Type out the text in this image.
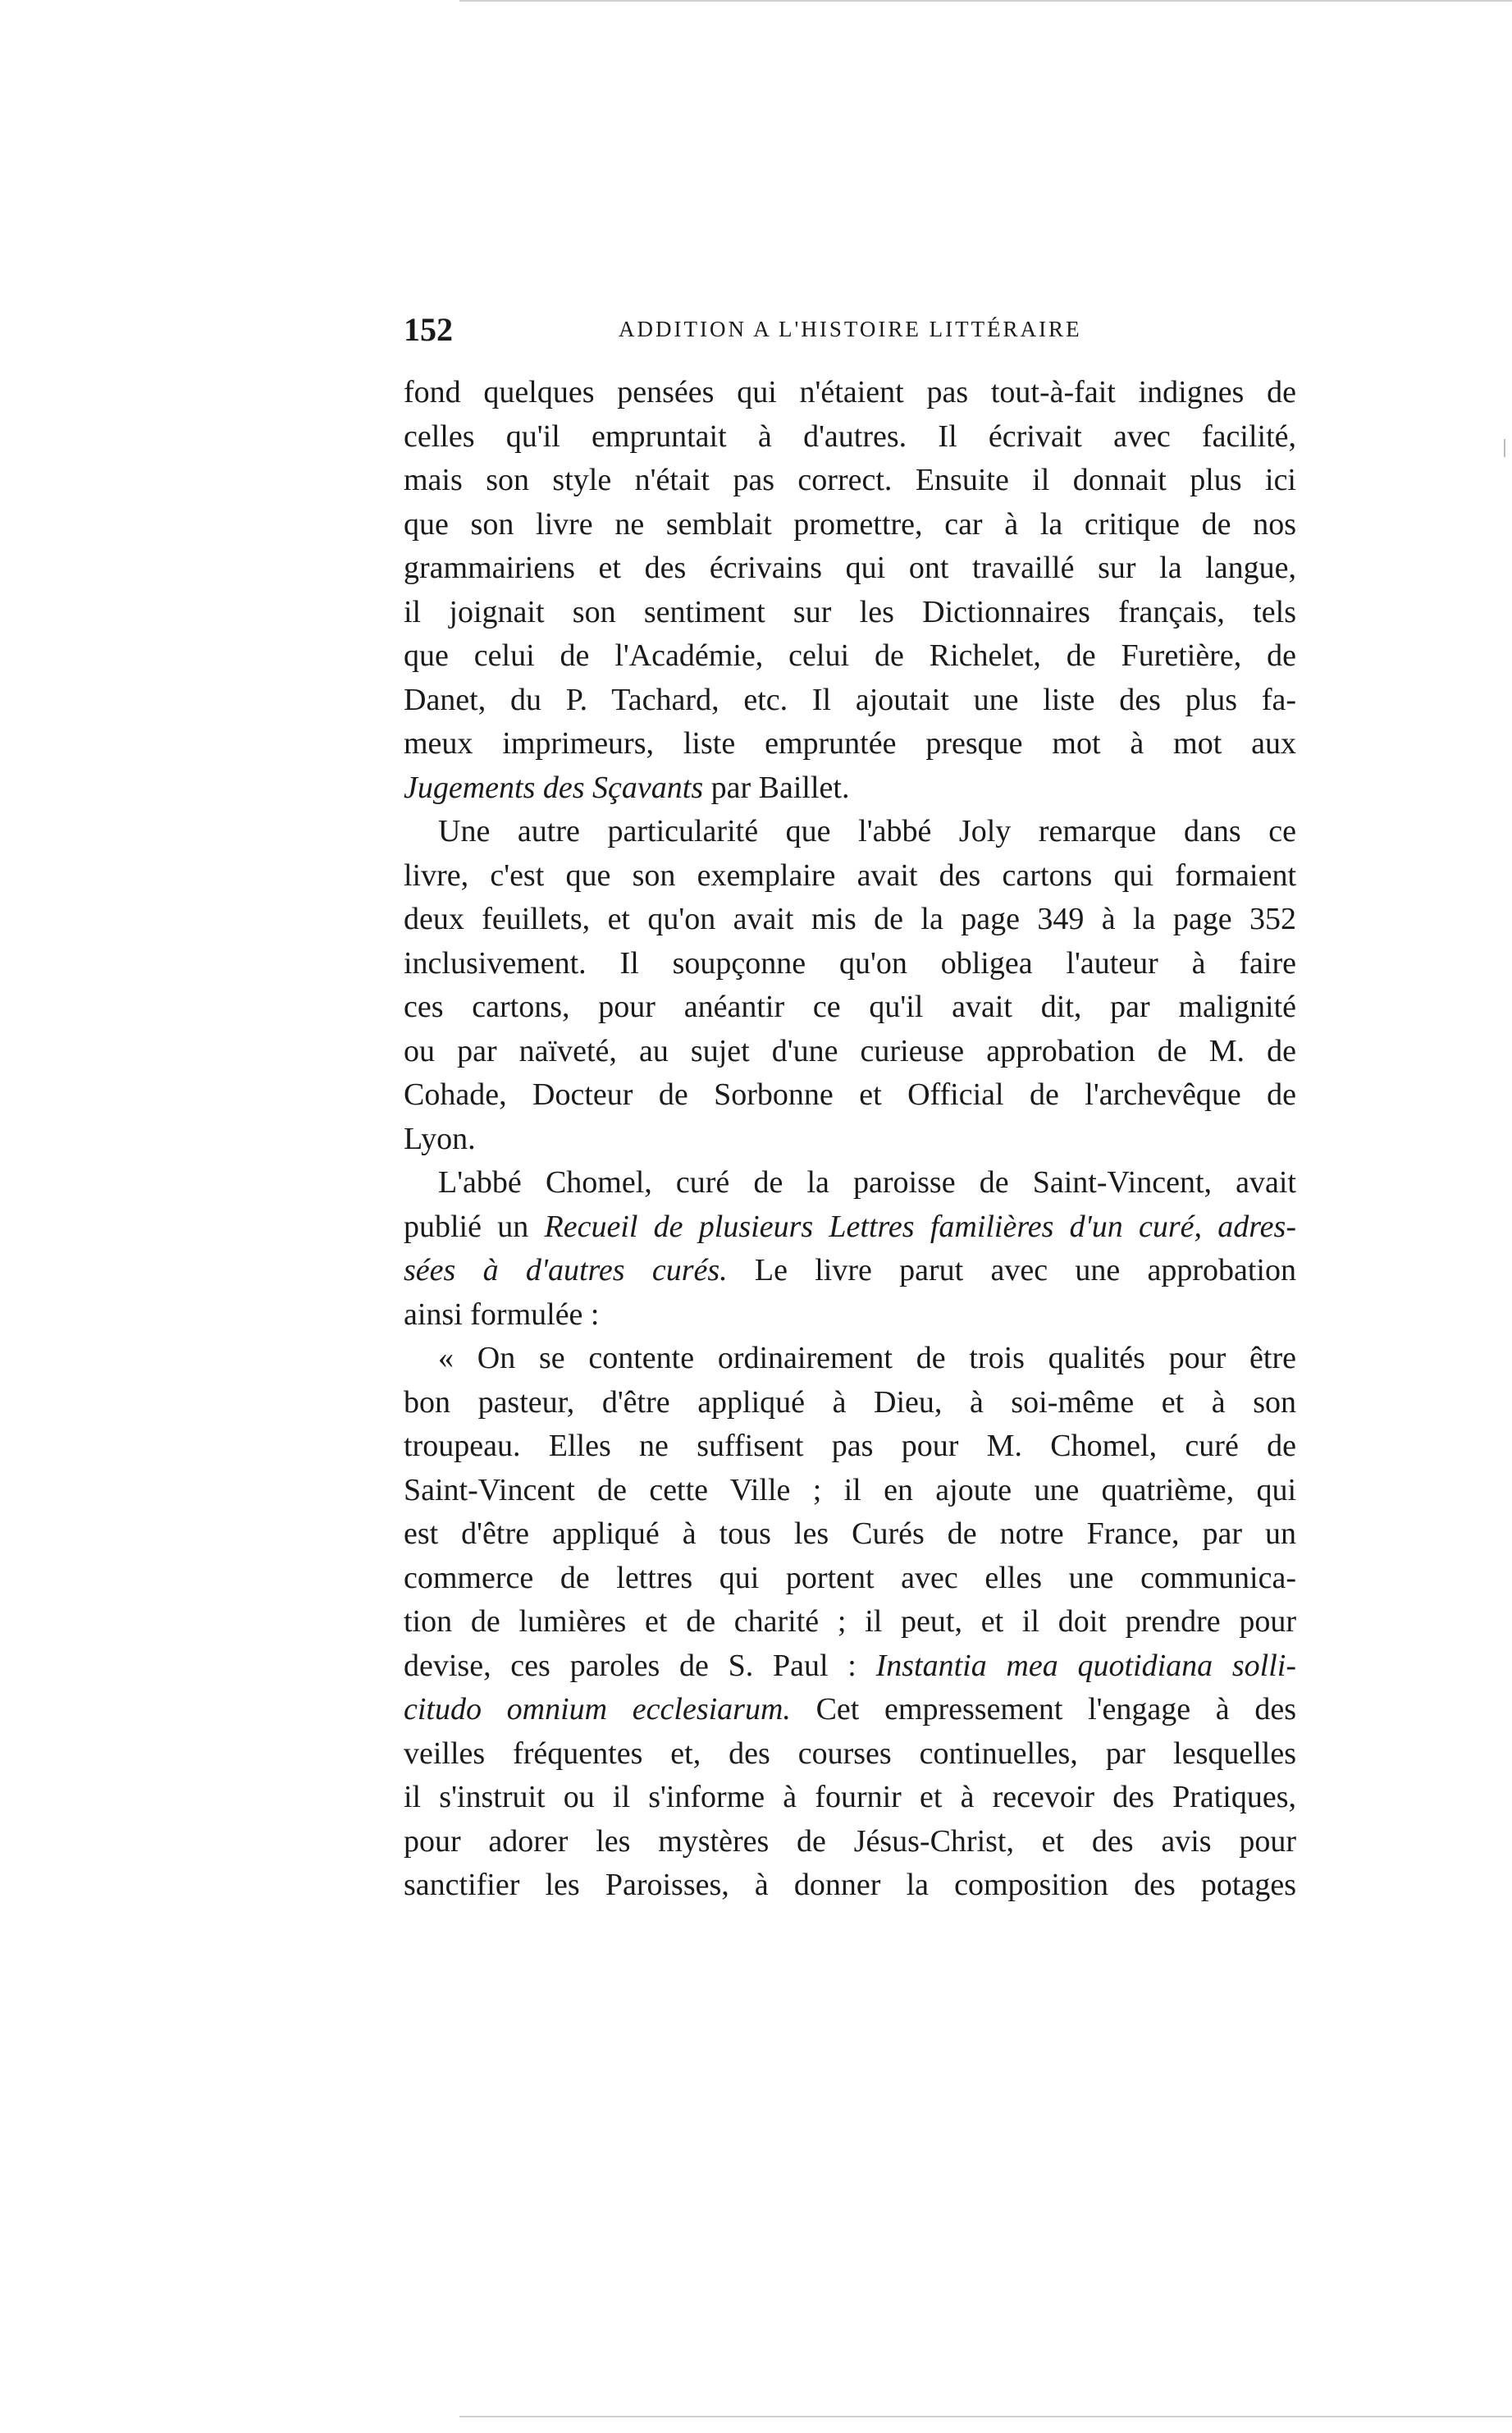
152	ADDITION A L'HISTOIRE LITTÉRAIRE
fond quelques pensées qui n'étaient pas tout-à-fait indignes de
celles qu'il empruntait à d'autres. Il écrivait avec facilité,
mais son style n'était pas correct. Ensuite il donnait plus ici
que son livre ne semblait promettre, car à la critique de nos
grammairiens et des écrivains qui ont travaillé sur la langue,
il joignait son sentiment sur les Dictionnaires français, tels
que celui de l'Académie, celui de Richelet, de Furetière, de
Danet, du P. Tachard, etc. Il ajoutait une liste des plus fa-
meux imprimeurs, liste empruntée presque mot à mot aux
Jugements des Sçavants par Baillet.
Une autre particularité que l'abbé Joly remarque dans ce
livre, c'est que son exemplaire avait des cartons qui formaient
deux feuillets, et qu'on avait mis de la page 349 à la page 352
inclusivement. Il soupçonne qu'on obligea l'auteur à faire
ces cartons, pour anéantir ce qu'il avait dit, par malignité
ou par naïveté, au sujet d'une curieuse approbation de M. de
Cohade, Docteur de Sorbonne et Official de l'archevêque de
Lyon.
L'abbé Chomel, curé de la paroisse de Saint-Vincent, avait
publié un Recueil de plusieurs Lettres familières d'un curé, adres-
sées à d'autres curés. Le livre parut avec une approbation
ainsi formulée :
« On se contente ordinairement de trois qualités pour être
bon pasteur, d'être appliqué à Dieu, à soi-même et à son
troupeau. Elles ne suffisent pas pour M. Chomel, curé de
Saint-Vincent de cette Ville ; il en ajoute une quatrième, qui
est d'être appliqué à tous les Curés de notre France, par un
commerce de lettres qui portent avec elles une communica-
tion de lumières et de charité ; il peut, et il doit prendre pour
devise, ces paroles de S. Paul : Instantia mea quotidiana solli-
citudo omnium ecclesiarum. Cet empressement l'engage à des
veilles fréquentes et, des courses continuelles, par lesquelles
il s'instruit ou il s'informe à fournir et à recevoir des Pratiques,
pour adorer les mystères de Jésus-Christ, et des avis pour
sanctifier les Paroisses, à donner la composition des potages
